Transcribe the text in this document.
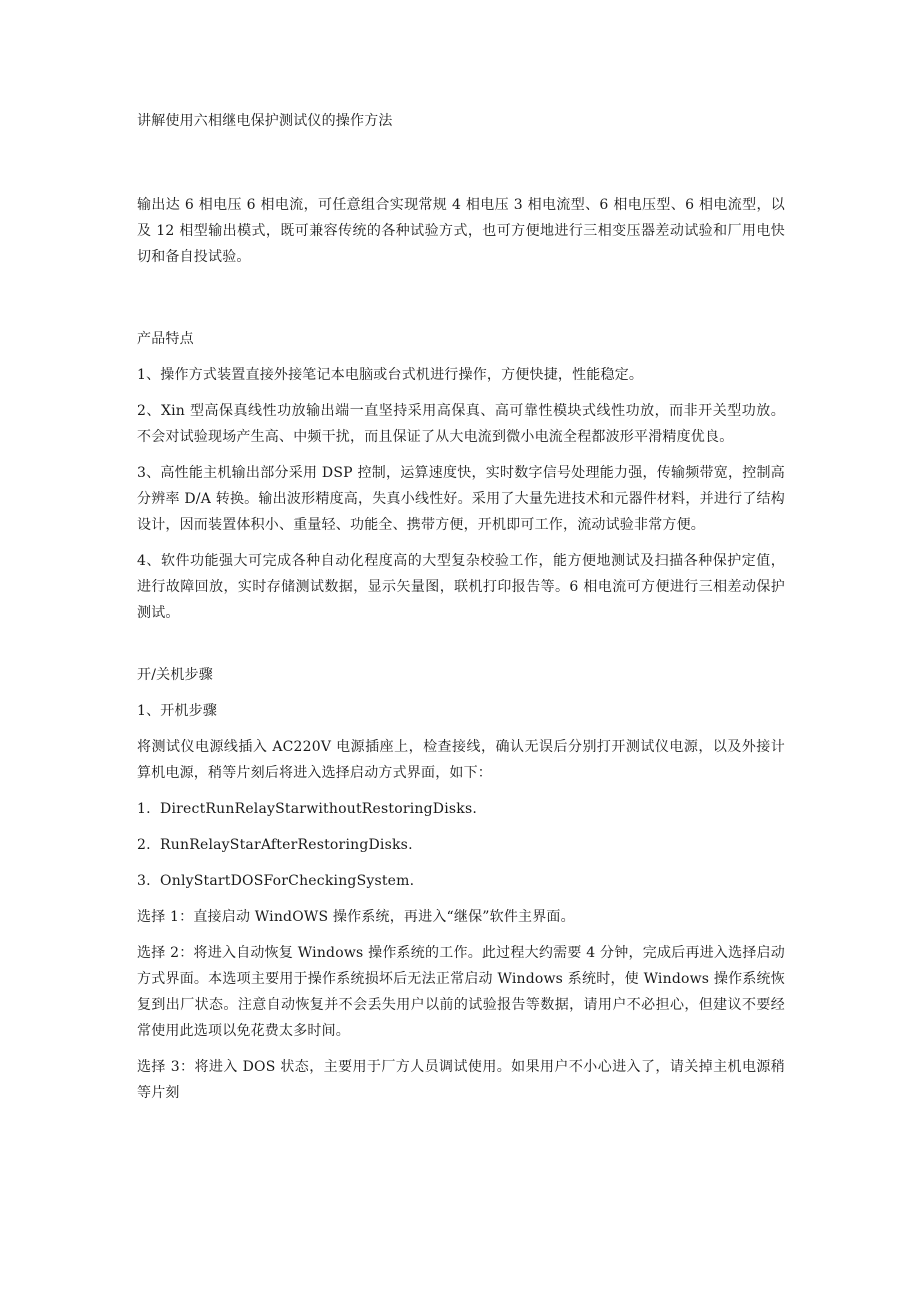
讲解使用六相继电保护测试仪的操作方法

输出达 6 相电压 6 相电流，可任意组合实现常规 4 相电压 3 相电流型、6 相电压型、6 相电流型，以及 12 相型输出模式，既可兼容传统的各种试验方式，也可方便地进行三相变压器差动试验和厂用电快切和备自投试验。

产品特点

1、操作方式装置直接外接笔记本电脑或台式机进行操作，方便快捷，性能稳定。

2、Xin 型高保真线性功放输出端一直坚持采用高保真、高可靠性模块式线性功放，而非开关型功放。不会对试验现场产生高、中频干扰，而且保证了从大电流到微小电流全程都波形平滑精度优良。

3、高性能主机输出部分采用 DSP 控制，运算速度快，实时数字信号处理能力强，传输频带宽，控制高分辨率 D/A 转换。输出波形精度高，失真小线性好。采用了大量先进技术和元器件材料，并进行了结构设计，因而装置体积小、重量轻、功能全、携带方便，开机即可工作，流动试验非常方便。

4、软件功能强大可完成各种自动化程度高的大型复杂校验工作，能方便地测试及扫描各种保护定值，进行故障回放，实时存储测试数据，显示矢量图，联机打印报告等。6 相电流可方便进行三相差动保护测试。

开/关机步骤

1、开机步骤

将测试仪电源线插入 AC220V 电源插座上，检查接线，确认无误后分别打开测试仪电源，以及外接计算机电源，稍等片刻后将进入选择启动方式界面，如下：

1.  DirectRunRelayStarwithoutRestoringDisks.

2.  RunRelayStarAfterRestoringDisks.

3.  OnlyStartDOSForCheckingSystem.

选择 1：直接启动 WindOWS 操作系统，再进入“继保”软件主界面。

选择 2：将进入自动恢复 Windows 操作系统的工作。此过程大约需要 4 分钟，完成后再进入选择启动方式界面。本选项主要用于操作系统损坏后无法正常启动 Windows 系统时，使 Windows 操作系统恢复到出厂状态。注意自动恢复并不会丢失用户以前的试验报告等数据，请用户不必担心，但建议不要经常使用此选项以免花费太多时间。

选择 3：将进入 DOS 状态，主要用于厂方人员调试使用。如果用户不小心进入了，请关掉主机电源稍等片刻
